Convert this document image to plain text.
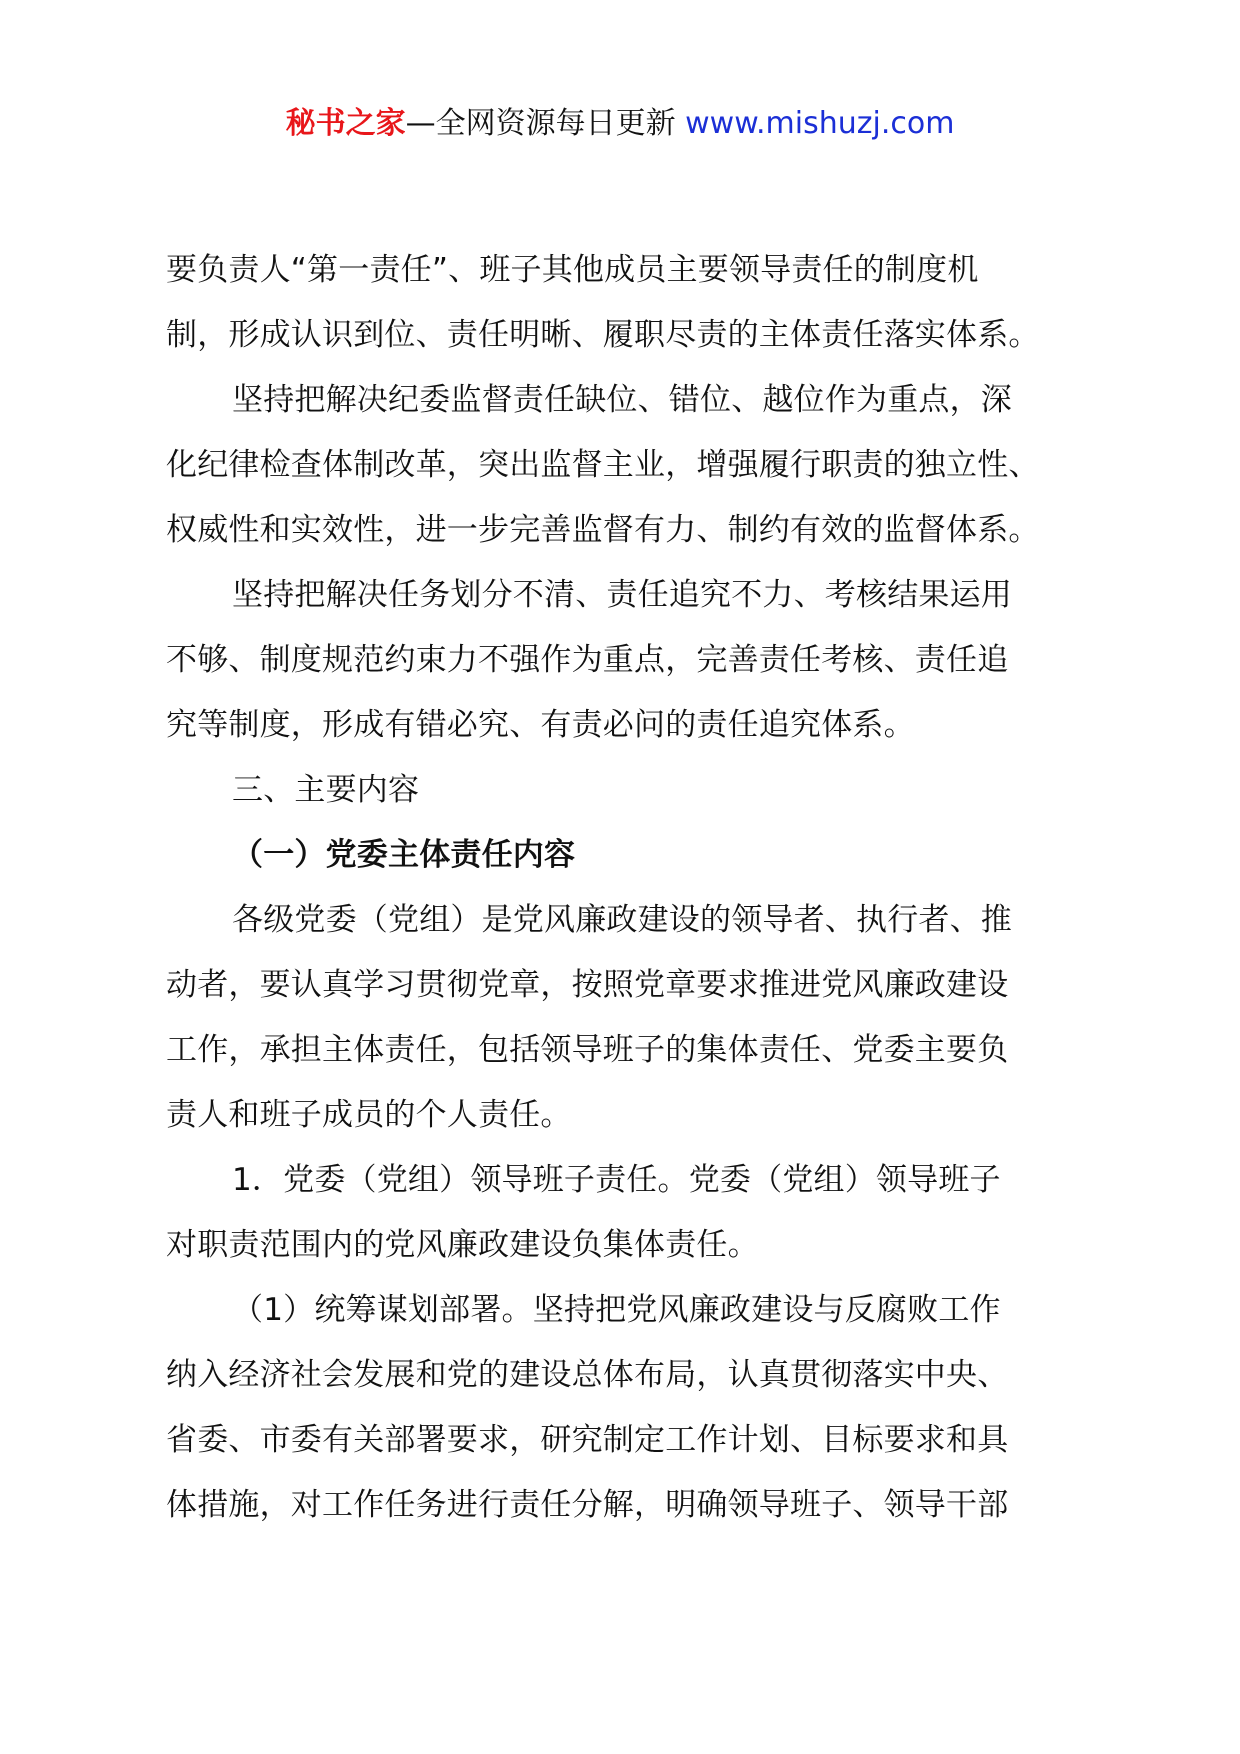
秘书之家—全网资源每日更新 www.mishuzj.com
要负责人“第一责任”、班子其他成员主要领导责任的制度机
制，形成认识到位、责任明晰、履职尽责的主体责任落实体系。
坚持把解决纪委监督责任缺位、错位、越位作为重点，深
化纪律检查体制改革，突出监督主业，增强履行职责的独立性、
权威性和实效性，进一步完善监督有力、制约有效的监督体系。
坚持把解决任务划分不清、责任追究不力、考核结果运用
不够、制度规范约束力不强作为重点，完善责任考核、责任追
究等制度，形成有错必究、有责必问的责任追究体系。
三、主要内容
（一）党委主体责任内容
各级党委（党组）是党风廉政建设的领导者、执行者、推
动者，要认真学习贯彻党章，按照党章要求推进党风廉政建设
工作，承担主体责任，包括领导班子的集体责任、党委主要负
责人和班子成员的个人责任。
1．党委（党组）领导班子责任。党委（党组）领导班子
对职责范围内的党风廉政建设负集体责任。
（1）统筹谋划部署。坚持把党风廉政建设与反腐败工作
纳入经济社会发展和党的建设总体布局，认真贯彻落实中央、
省委、市委有关部署要求，研究制定工作计划、目标要求和具
体措施，对工作任务进行责任分解，明确领导班子、领导干部
